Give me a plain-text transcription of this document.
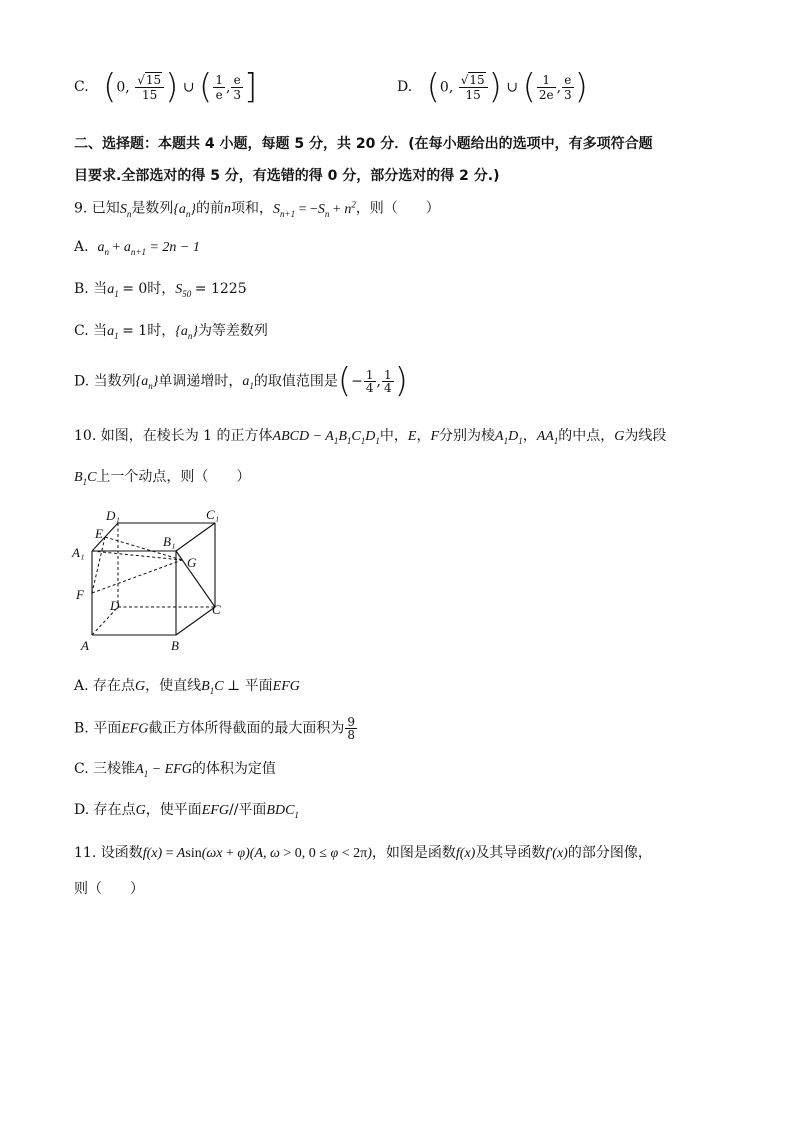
C. (0, $\frac{√15}{15}$ ) ∪ ( $\frac{1}{e}$ , $\frac{e}{3}$ ]	D. (0, $\frac{√15}{15}$ ) ∪ ( $\frac{1}{2e}$ , $\frac{e}{3}$ )
二、选择题：本题共 4 小题，每题 5 分，共 20 分．(在每小题给出的选项中，有多项符合题
目要求.全部选对的得 5 分，有选错的得 0 分，部分选对的得 2 分.)
9. 已知$S_n$是数列$\{a_n\}$的前n项和，$S_{n+1} = -S_n + n^2$，则（　　）
A. $a_n + a_{n+1} = 2n - 1$
B. 当$a_1 = 0$时，$S_{50} = 1225$
C. 当$a_1 = 1$时，$\{a_n\}$为等差数列
D. 当数列$\{a_n\}$单调递增时，$a_1$的取值范围是(− $\frac{1}{4}$ , $\frac{1}{4}$ )
10. 如图，在棱长为 1 的正方体ABCD − $A_1B_1C_1D_1$中，E，F分别为棱$A_1D_1$，$AA_1$的中点，G为线段
$B_1C$上一个动点，则（　　）
D₁	C₁
E
B₁
A₁
G
F
D	C
A	B
A. 存在点G，使直线$B_1C$ ⊥ 平面EFG
B. 平面EFG截正方体所得截面的最大面积为 $\frac{9}{8}$
C. 三棱锥$A_1$ − EFG的体积为定值
D. 存在点G，使平面EFG//平面$BDC_1$
11. 设函数f(x) = Asin(ωx + φ)(A, ω > 0, 0 ≤ φ < 2π)，如图是函数f(x)及其导函数f′(x)的部分图像，
则（　　）
